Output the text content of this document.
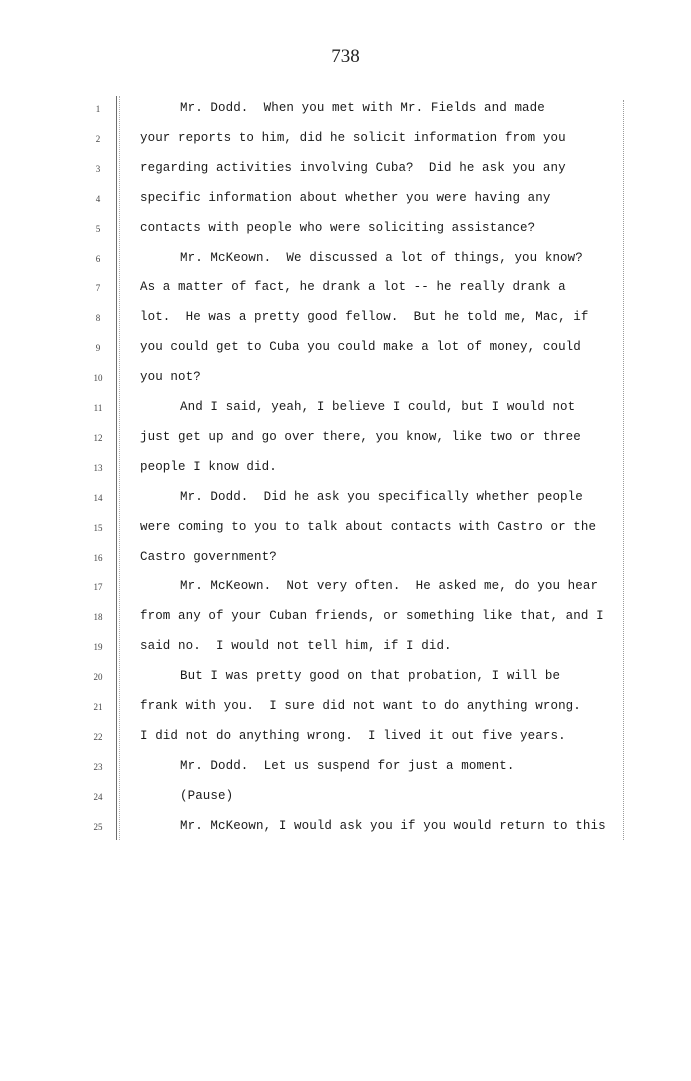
738
1	Mr. Dodd.  When you met with Mr. Fields and made
2	your reports to him, did he solicit information from you
3	regarding activities involving Cuba?  Did he ask you any
4	specific information about whether you were having any
5	contacts with people who were soliciting assistance?
6	Mr. McKeown.  We discussed a lot of things, you know?
7	As a matter of fact, he drank a lot -- he really drank a
8	lot.  He was a pretty good fellow.  But he told me, Mac, if
9	you could get to Cuba you could make a lot of money, could
10	you not?
11	And I said, yeah, I believe I could, but I would not
12	just get up and go over there, you know, like two or three
13	people I know did.
14	Mr. Dodd.  Did he ask you specifically whether people
15	were coming to you to talk about contacts with Castro or the
16	Castro government?
17	Mr. McKeown.  Not very often.  He asked me, do you hear
18	from any of your Cuban friends, or something like that, and I
19	said no.  I would not tell him, if I did.
20	But I was pretty good on that probation, I will be
21	frank with you.  I sure did not want to do anything wrong.
22	I did not do anything wrong.  I lived it out five years.
23	Mr. Dodd.  Let us suspend for just a moment.
24	(Pause)
25	Mr. McKeown, I would ask you if you would return to this
